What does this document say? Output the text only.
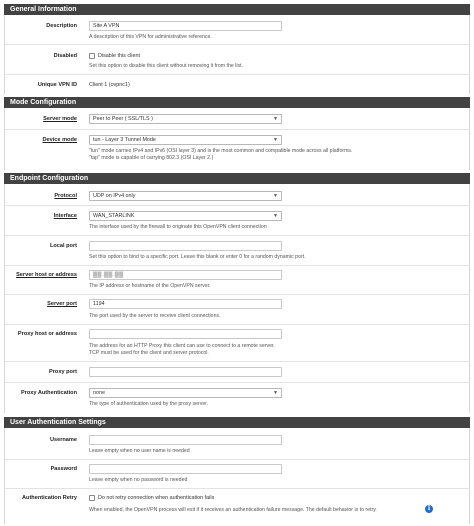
General Information
Description	Site A VPN
A description of this VPN for administrative reference.
Disabled	Disable this client
Set this option to disable this client without removing it from the list.
Unique VPN ID Client 1 (ovpnc1)
Mode Configuration
Server mode	Peer to Peer ( SSL/TLS )	▼
Device mode	tun - Layer 3 Tunnel Mode	▼
"tun" mode carries IPv4 and IPv6 (OSI layer 3) and is the most common and compatible mode across all platforms.
"tap" mode is capable of carrying 802.3 (OSI Layer 2.)
Endpoint Configuration
Protocol	UDP on IPv4 only	▼
Interface	WAN_STARLINK	▼
The interface used by the firewall to originate this OpenVPN client connection
Local port
Set this option to bind to a specific port. Leave this blank or enter 0 for a random dynamic port.
Server host or address	▓▓.▓▓.▓▓
The IP address or hostname of the OpenVPN server.
Server port	1194
The port used by the server to receive client connections.
Proxy host or address
The address for an HTTP Proxy this client can use to connect to a remote server.
TCP must be used for the client and server protocol.
Proxy port
Proxy Authentication	none	▼
The type of authentication used by the proxy server.
User Authentication Settings
Username
Leave empty when no user name is needed
Password
Leave empty when no password is needed
Authentication Retry	Do not retry connection when authentication fails
When enabled, the OpenVPN process will exit if it receives an authentication failure message. The default behavior is to retry.	i
